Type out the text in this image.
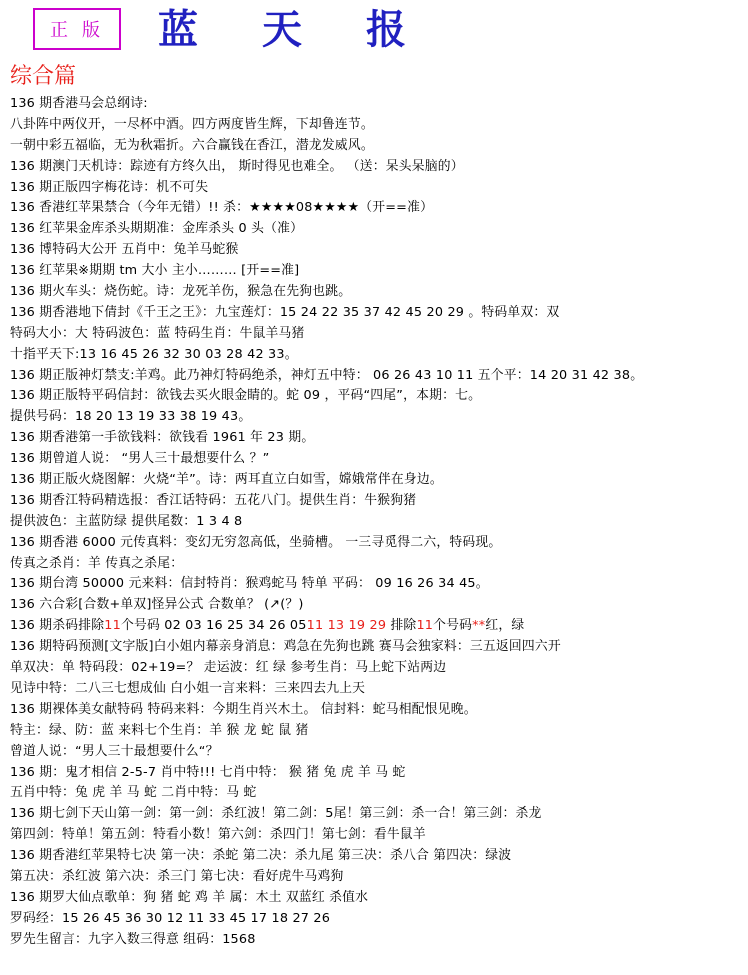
正版 蓝天报
综合篇
136 期香港马会总纲诗:
八卦阵中两仪开，一尽杯中酒。四方两度皆生辉，下却鲁连节。
一朝中彩五福临，无为秋霜折。六合赢钱在香江，潜龙发威风。
136 期澳门天机诗：踪迹有方终久出， 斯时得见也难全。 （送：呆头呆脑的）
136 期正版四字梅花诗：机不可失
136 香港红苹果禁合（今年无错）!! 杀：★★★★08★★★★（开==准）
136 红苹果金库杀头期期准：金库杀头 0 头（准）
136 博特码大公开 五肖中：兔羊马蛇猴
136 红苹果※期期 tm 大小 主小……… [开==准]
136 期火车头：烧伤蛇。诗：龙死羊伤，猴急在先狗也跳。
136 期香港地下倩封《千王之王》：九宝莲灯：15 24 22 35 37 42 45 20 29 。特码单双：双
特码大小：大 特码波色：蓝 特码生肖：牛鼠羊马猪
十指平天下:13 16 45 26 32 30 03 28 42 33。
136 期正版神灯禁支:羊鸡。此乃神灯特码绝杀，神灯五中特： 06 26 43 10 11 五个平：14 20 31 42 38。
136 期正版特平码信封：欲钱去买火眼金睛的。蛇 09 ，平码“四尾”，本期：七。
提供号码：18 20 13 19 33 38 19 43。
136 期香港第一手欲钱料：欲钱看 1961 年 23 期。
136 期曾道人说： “男人三十最想要什么 ？”
136 期正版火烧图解：火烧“羊”。诗：两耳直立白如雪，嫦娥常伴在身边。
136 期香江特码精选报：香江话特码：五花八门。提供生肖：牛猴狗猪
提供波色：主蓝防绿 提供尾数：1 3 4 8
136 期香港 6000 元传真料：变幻无穷忽高低，坐骑槽。 一三寻觅得二六，特码现。
传真之杀肖：羊 传真之杀尾：
136 期台湾 50000 元来料：信封特肖：猴鸡蛇马 特单 平码： 09 16 26 34 45。
136 六合彩[合数+单双]怪异公式 合数单？ (↗(？)
136 期杀码排除11个号码 02 03 16 25 34 26 0511 13 19 29 排除11个号码**红，绿
136 期特码预测[文字版]白小姐内幕亲身消息：鸡急在先狗也跳 赛马会独家料：三五返回四六开
单双决：单 特码段：02+19=？ 走运波：红 绿 参考生肖：马上蛇下站两边
见诗中特：二八三七想成仙 白小姐一言来料：三来四去九上天
136 期裸体美女献特码 特码来料：今期生肖兴木土。 信封料：蛇马相配恨见晚。
特主：绿、防：蓝 来料七个生肖：羊 猴 龙 蛇 鼠 猪
曾道人说：“男人三十最想要什么“？
136 期：鬼才相信 2-5-7 肖中特!!! 七肖中特： 猴 猪 兔 虎 羊 马 蛇
五肖中特：兔 虎 羊 马 蛇 二肖中特：马 蛇
136 期七剑下天山第一剑：第一剑：杀红波！第二剑：5尾！第三剑：杀一合！第三剑：杀龙
第四剑：特单！第五剑：特看小数！第六剑：杀四门！第七剑：看牛鼠羊
136 期香港红苹果特七决 第一决：杀蛇 第二决：杀九尾 第三决：杀八合 第四决：绿波
第五决：杀红波 第六决：杀三门 第七决：看好虎牛马鸡狗
136 期罗大仙点歌单：狗 猪 蛇 鸡 羊 属：木土 双蓝红 杀值水
罗码经：15 26 45 36 30 12 11 33 45 17 18 27 26
罗先生留言：九字入数三得意 组码：1568
